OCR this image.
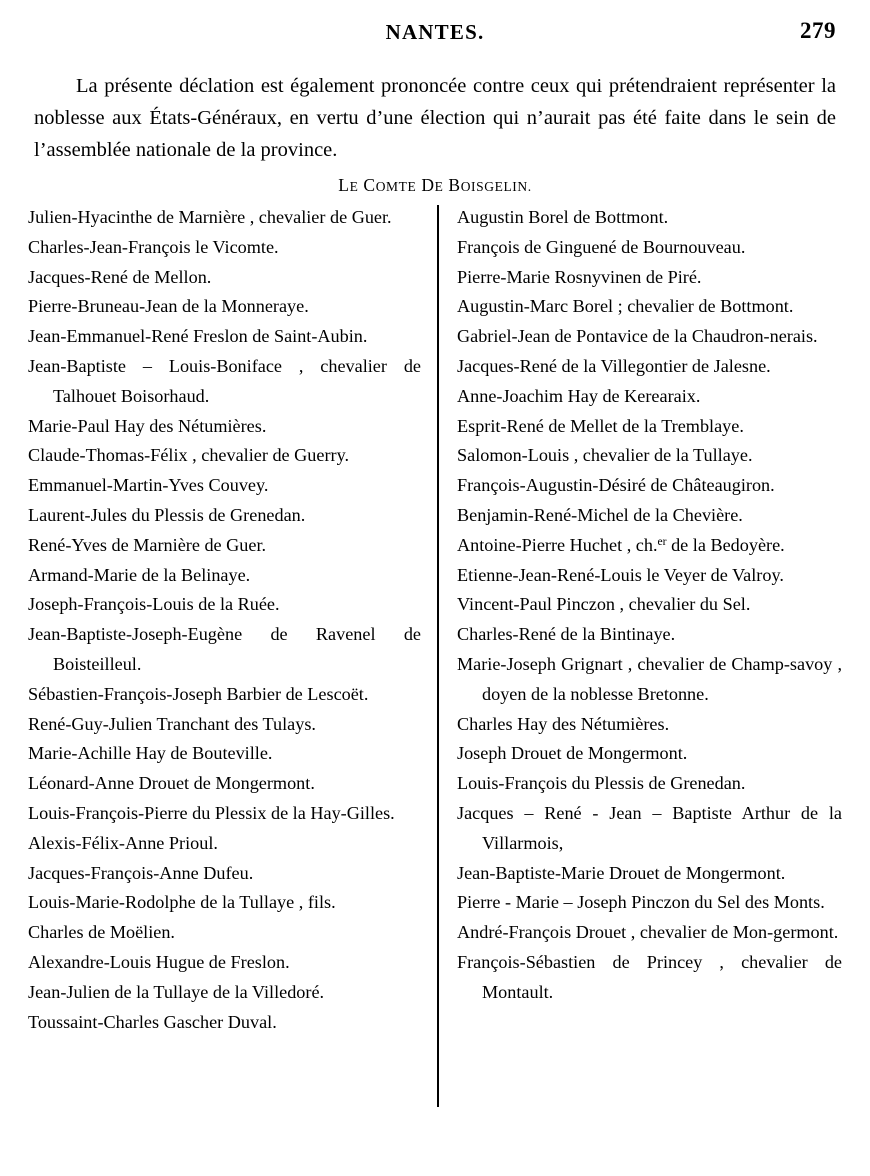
NANTES.	279

La présente déclation est également prononcée contre ceux qui prétendraient représenter la noblesse aux États-Généraux, en vertu d’une élection qui n’aurait pas été faite dans le sein de l’assemblée nationale de la province.

LE COMTE DE BOISGELIN.

Julien-Hyacinthe de Marnière , chevalier de Guer.

Charles-Jean-François le Vicomte.

Jacques-René de Mellon.

Pierre-Bruneau-Jean de la Monneraye.

Jean-Emmanuel-René Freslon de Saint-Aubin.

Jean-Baptiste – Louis-Boniface , chevalier de Talhouet Boisorhaud.

Marie-Paul Hay des Nétumières.

Claude-Thomas-Félix , chevalier de Guerry.

Emmanuel-Martin-Yves Couvey.

Laurent-Jules du Plessis de Grenedan.

René-Yves de Marnière de Guer.

Armand-Marie de la Belinaye.

Joseph-François-Louis de la Ruée.

Jean-Baptiste-Joseph-Eugène de Ravenel de Boisteilleul.

Sébastien-François-Joseph Barbier de Lescoët.

René-Guy-Julien Tranchant des Tulays.

Marie-Achille Hay de Bouteville.

Léonard-Anne Drouet de Mongermont.

Louis-François-Pierre du Plessix de la Hay-Gilles.

Alexis-Félix-Anne Prioul.

Jacques-François-Anne Dufeu.

Louis-Marie-Rodolphe de la Tullaye , fils.

Charles de Moëlien.

Alexandre-Louis Hugue de Freslon.

Jean-Julien de la Tullaye de la Villedoré.

Toussaint-Charles Gascher Duval.

Augustin Borel de Bottmont.

François de Ginguené de Bournouveau.

Pierre-Marie Rosnyvinen de Piré.

Augustin-Marc Borel ; chevalier de Bottmont.

Gabriel-Jean de Pontavice de la Chaudron-nerais.

Jacques-René de la Villegontier de Jalesne.

Anne-Joachim Hay de Kerearaix.

Esprit-René de Mellet de la Tremblaye.

Salomon-Louis , chevalier de la Tullaye.

François-Augustin-Désiré de Châteaugiron.

Benjamin-René-Michel de la Chevière.

Antoine-Pierre Huchet , ch.$^{er}$ de la Bedoyère.

Etienne-Jean-René-Louis le Veyer de Valroy.

Vincent-Paul Pinczon , chevalier du Sel.

Charles-René de la Bintinaye.

Marie-Joseph Grignart , chevalier de Champ-savoy , doyen de la noblesse Bretonne.

Charles Hay des Nétumières.

Joseph Drouet de Mongermont.

Louis-François du Plessis de Grenedan.

Jacques – René - Jean – Baptiste Arthur de la Villarmois,

Jean-Baptiste-Marie Drouet de Mongermont.

Pierre - Marie – Joseph Pinczon du Sel des Monts.

André-François Drouet , chevalier de Mon-germont.

François-Sébastien de Princey , chevalier de Montault.
